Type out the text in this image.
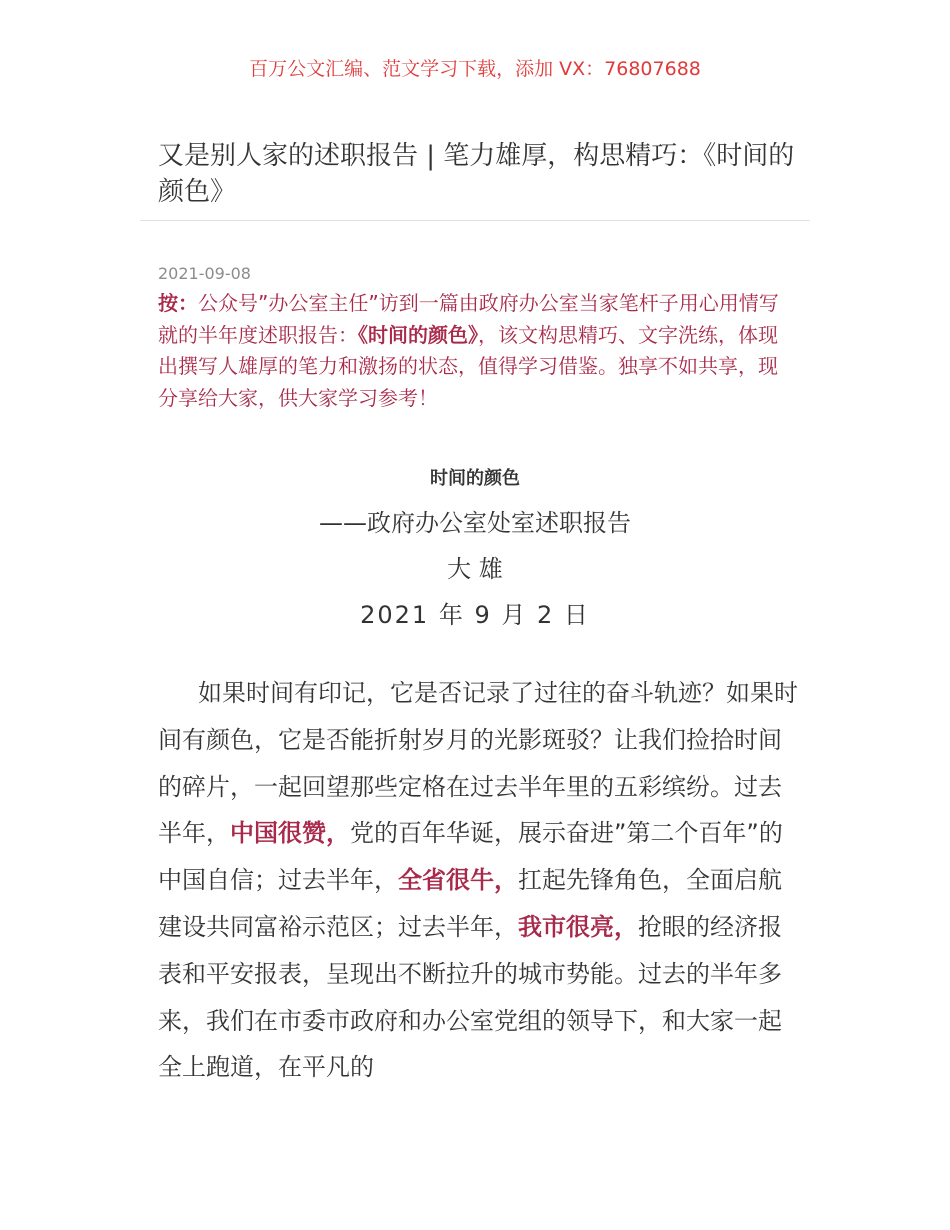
百万公文汇编、范文学习下载，添加 VX：76807688
又是别人家的述职报告 | 笔力雄厚，构思精巧：《时间的颜色》
2021-09-08
按：公众号”办公室主任”访到一篇由政府办公室当家笔杆子用心用情写就的半年度述职报告：《时间的颜色》，该文构思精巧、文字洗练，体现出撰写人雄厚的笔力和激扬的状态，值得学习借鉴。独享不如共享，现分享给大家，供大家学习参考！
时间的颜色
——政府办公室处室述职报告
大 雄
2021 年 9 月 2 日
如果时间有印记，它是否记录了过往的奋斗轨迹？如果时间有颜色，它是否能折射岁月的光影斑驳？让我们捡拾时间的碎片，一起回望那些定格在过去半年里的五彩缤纷。过去半年，中国很赞，党的百年华诞，展示奋进”第二个百年”的中国自信；过去半年，全省很牛，扛起先锋角色，全面启航建设共同富裕示范区；过去半年，我市很亮，抢眼的经济报表和平安报表，呈现出不断拉升的城市势能。过去的半年多来，我们在市委市政府和办公室党组的领导下，和大家一起全上跑道，在平凡的
